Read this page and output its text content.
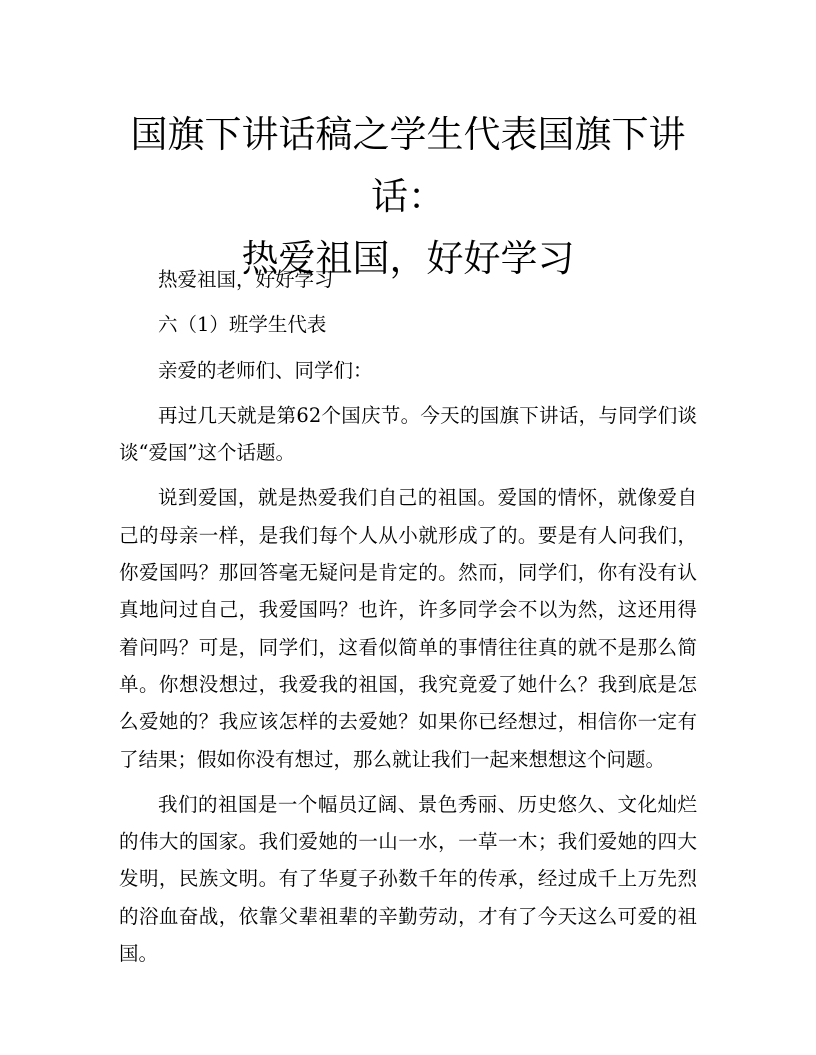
国旗下讲话稿之学生代表国旗下讲话：
热爱祖国，好好学习

热爱祖国，好好学习

六（1）班学生代表

亲爱的老师们、同学们：

再过几天就是第62个国庆节。今天的国旗下讲话，与同学们谈谈“爱国”这个话题。

说到爱国，就是热爱我们自己的祖国。爱国的情怀，就像爱自己的母亲一样，是我们每个人从小就形成了的。要是有人问我们，你爱国吗？那回答毫无疑问是肯定的。然而，同学们，你有没有认真地问过自己，我爱国吗？也许，许多同学会不以为然，这还用得着问吗？可是，同学们，这看似简单的事情往往真的就不是那么简单。你想没想过，我爱我的祖国，我究竟爱了她什么？我到底是怎么爱她的？我应该怎样的去爱她？如果你已经想过，相信你一定有了结果；假如你没有想过，那么就让我们一起来想想这个问题。

我们的祖国是一个幅员辽阔、景色秀丽、历史悠久、文化灿烂的伟大的国家。我们爱她的一山一水，一草一木；我们爱她的四大发明，民族文明。有了华夏子孙数千年的传承，经过成千上万先烈的浴血奋战，依靠父辈祖辈的辛勤劳动，才有了今天这么可爱的祖国。
